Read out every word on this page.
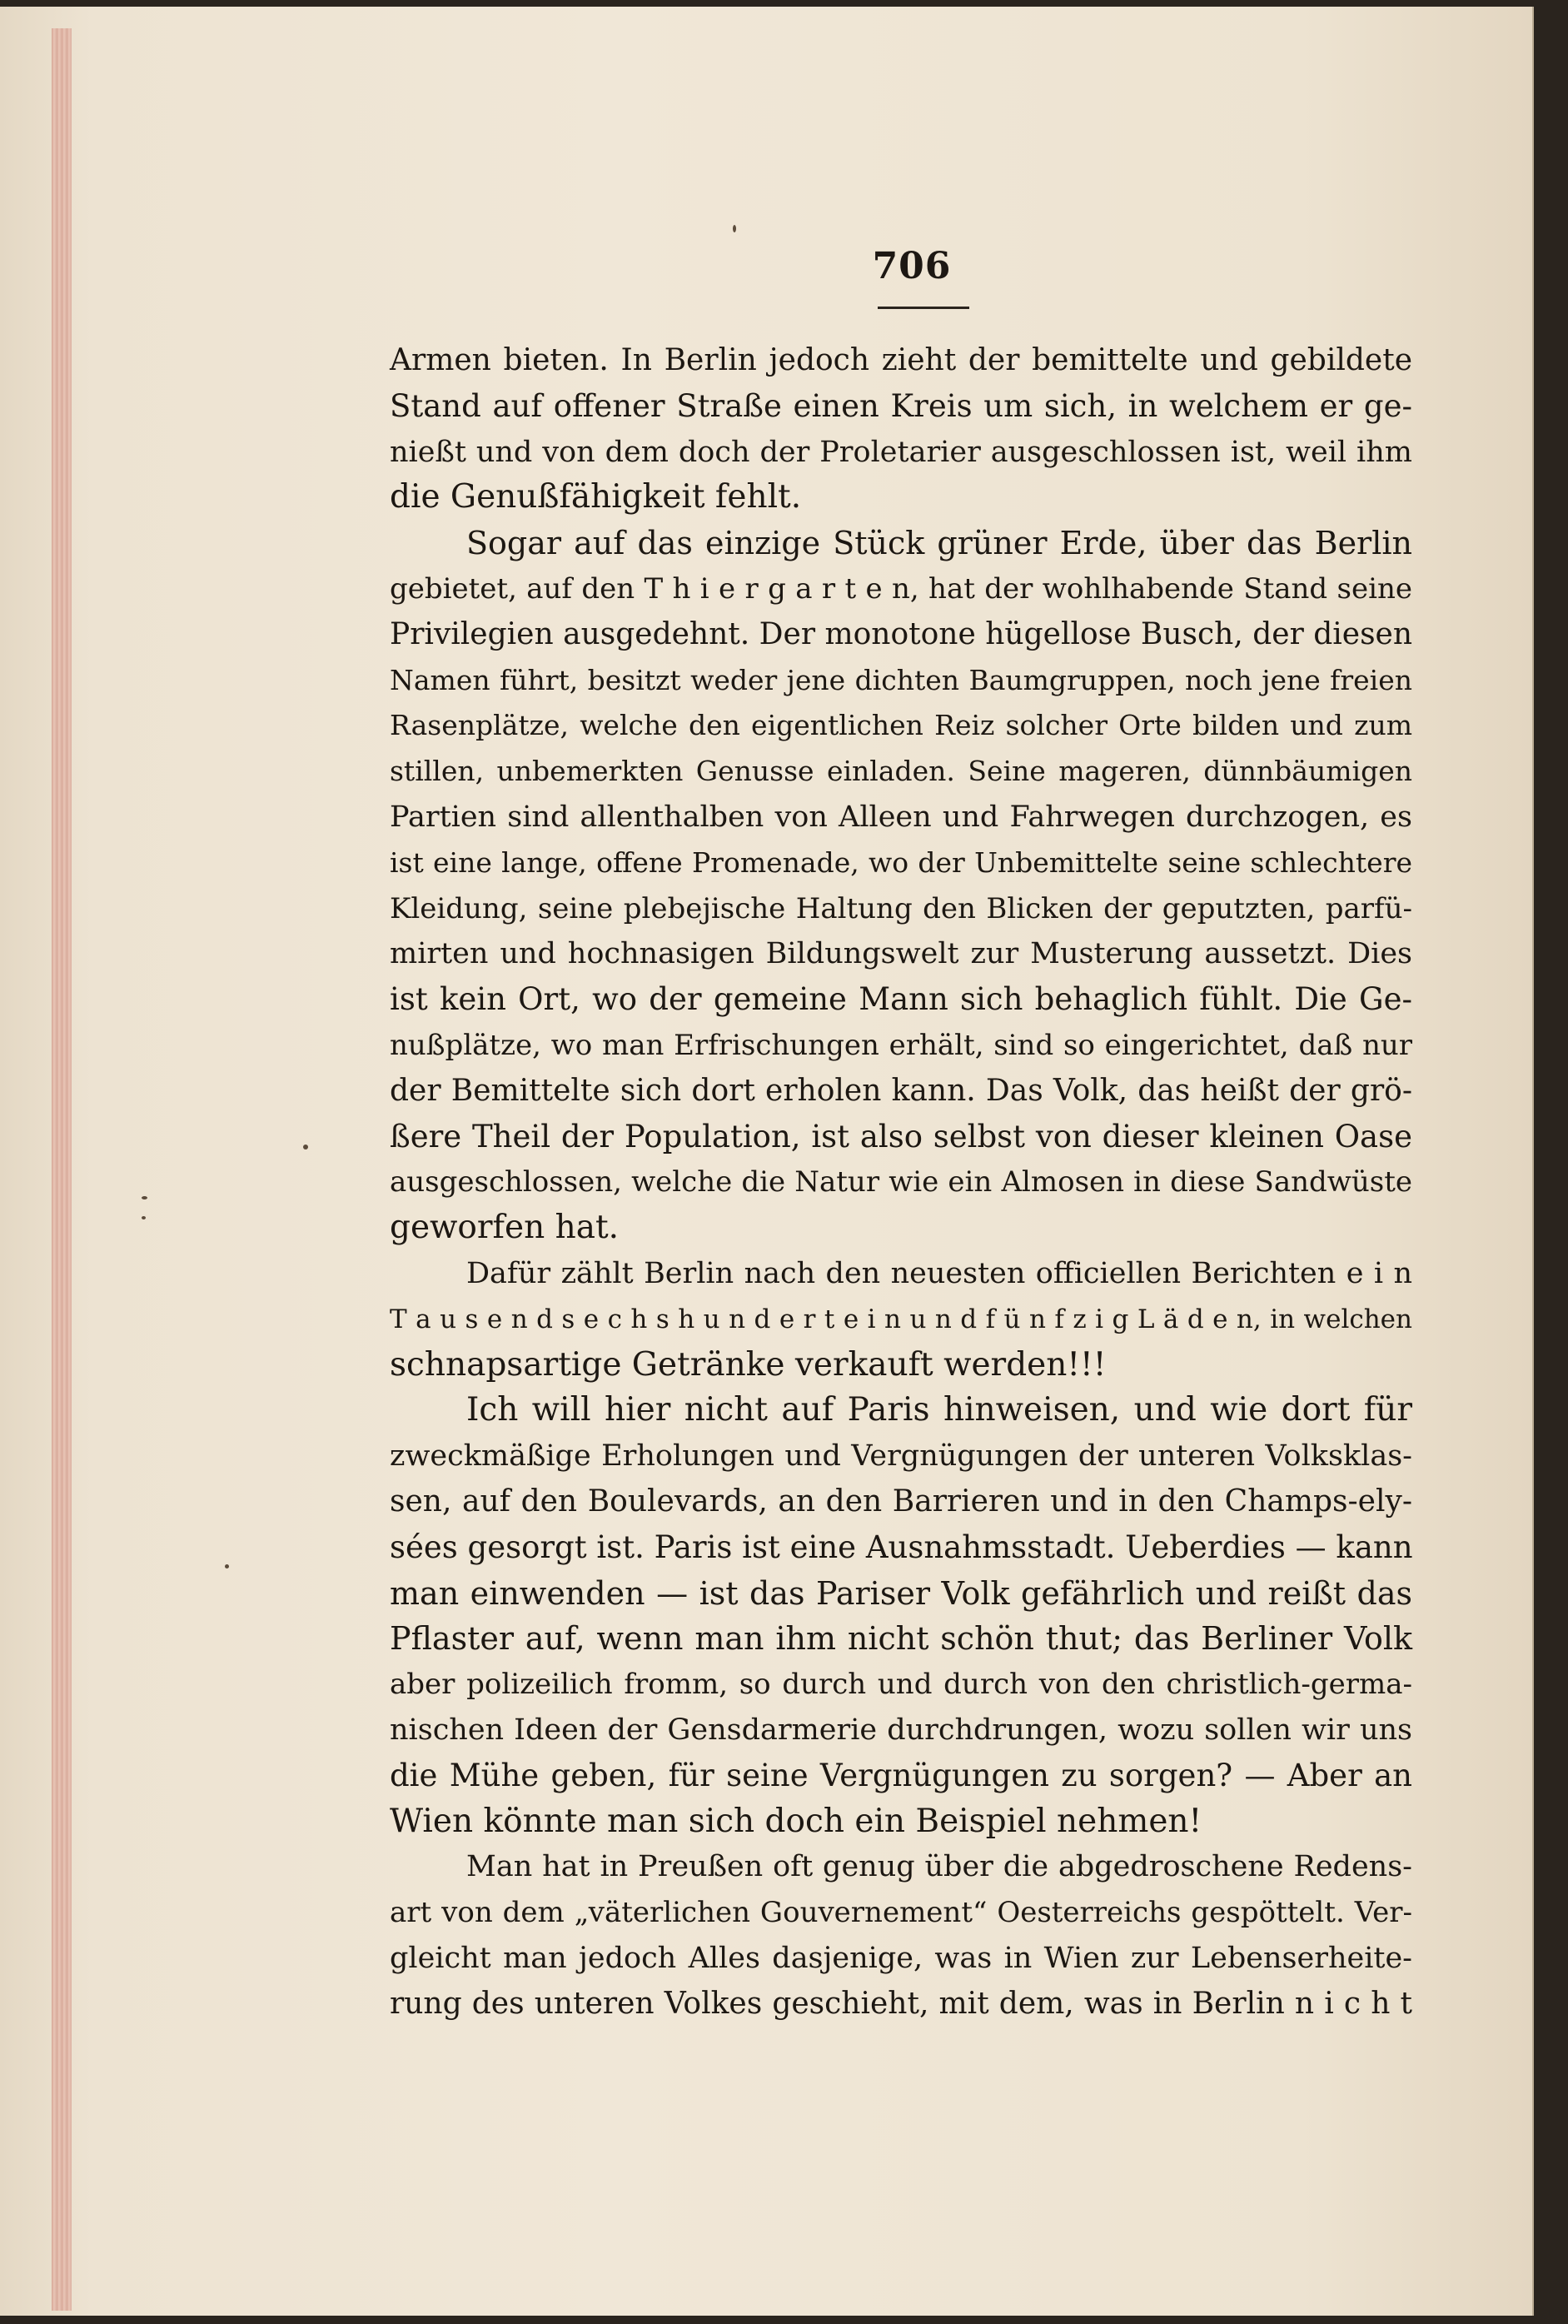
706
Armen bieten. In Berlin jedoch zieht der bemittelte und gebildete
Stand auf offener Straße einen Kreis um sich, in welchem er ge-
nießt und von dem doch der Proletarier ausgeschlossen ist, weil ihm
die Genußfähigkeit fehlt.
Sogar auf das einzige Stück grüner Erde, über das Berlin
gebietet, auf den T h i e r g a r t e n, hat der wohlhabende Stand seine
Privilegien ausgedehnt. Der monotone hügellose Busch, der diesen
Namen führt, besitzt weder jene dichten Baumgruppen, noch jene freien
Rasenplätze, welche den eigentlichen Reiz solcher Orte bilden und zum
stillen, unbemerkten Genusse einladen. Seine mageren, dünnbäumigen
Partien sind allenthalben von Alleen und Fahrwegen durchzogen, es
ist eine lange, offene Promenade, wo der Unbemittelte seine schlechtere
Kleidung, seine plebejische Haltung den Blicken der geputzten, parfü-
mirten und hochnasigen Bildungswelt zur Musterung aussetzt. Dies
ist kein Ort, wo der gemeine Mann sich behaglich fühlt. Die Ge-
nußplätze, wo man Erfrischungen erhält, sind so eingerichtet, daß nur
der Bemittelte sich dort erholen kann. Das Volk, das heißt der grö-
ßere Theil der Population, ist also selbst von dieser kleinen Oase
ausgeschlossen, welche die Natur wie ein Almosen in diese Sandwüste
geworfen hat.
Dafür zählt Berlin nach den neuesten officiellen Berichten e i n
T a u s e n d s e c h s h u n d e r t e i n u n d f ü n f z i g L ä d e n, in welchen
schnapsartige Getränke verkauft werden!!!
Ich will hier nicht auf Paris hinweisen, und wie dort für
zweckmäßige Erholungen und Vergnügungen der unteren Volksklas-
sen, auf den Boulevards, an den Barrieren und in den Champs-ely-
sées gesorgt ist. Paris ist eine Ausnahmsstadt. Ueberdies — kann
man einwenden — ist das Pariser Volk gefährlich und reißt das
Pflaster auf, wenn man ihm nicht schön thut; das Berliner Volk
aber polizeilich fromm, so durch und durch von den christlich-germa-
nischen Ideen der Gensdarmerie durchdrungen, wozu sollen wir uns
die Mühe geben, für seine Vergnügungen zu sorgen? — Aber an
Wien könnte man sich doch ein Beispiel nehmen!
Man hat in Preußen oft genug über die abgedroschene Redens-
art von dem „väterlichen Gouvernement“ Oesterreichs gespöttelt. Ver-
gleicht man jedoch Alles dasjenige, was in Wien zur Lebenserheite-
rung des unteren Volkes geschieht, mit dem, was in Berlin n i c h t
